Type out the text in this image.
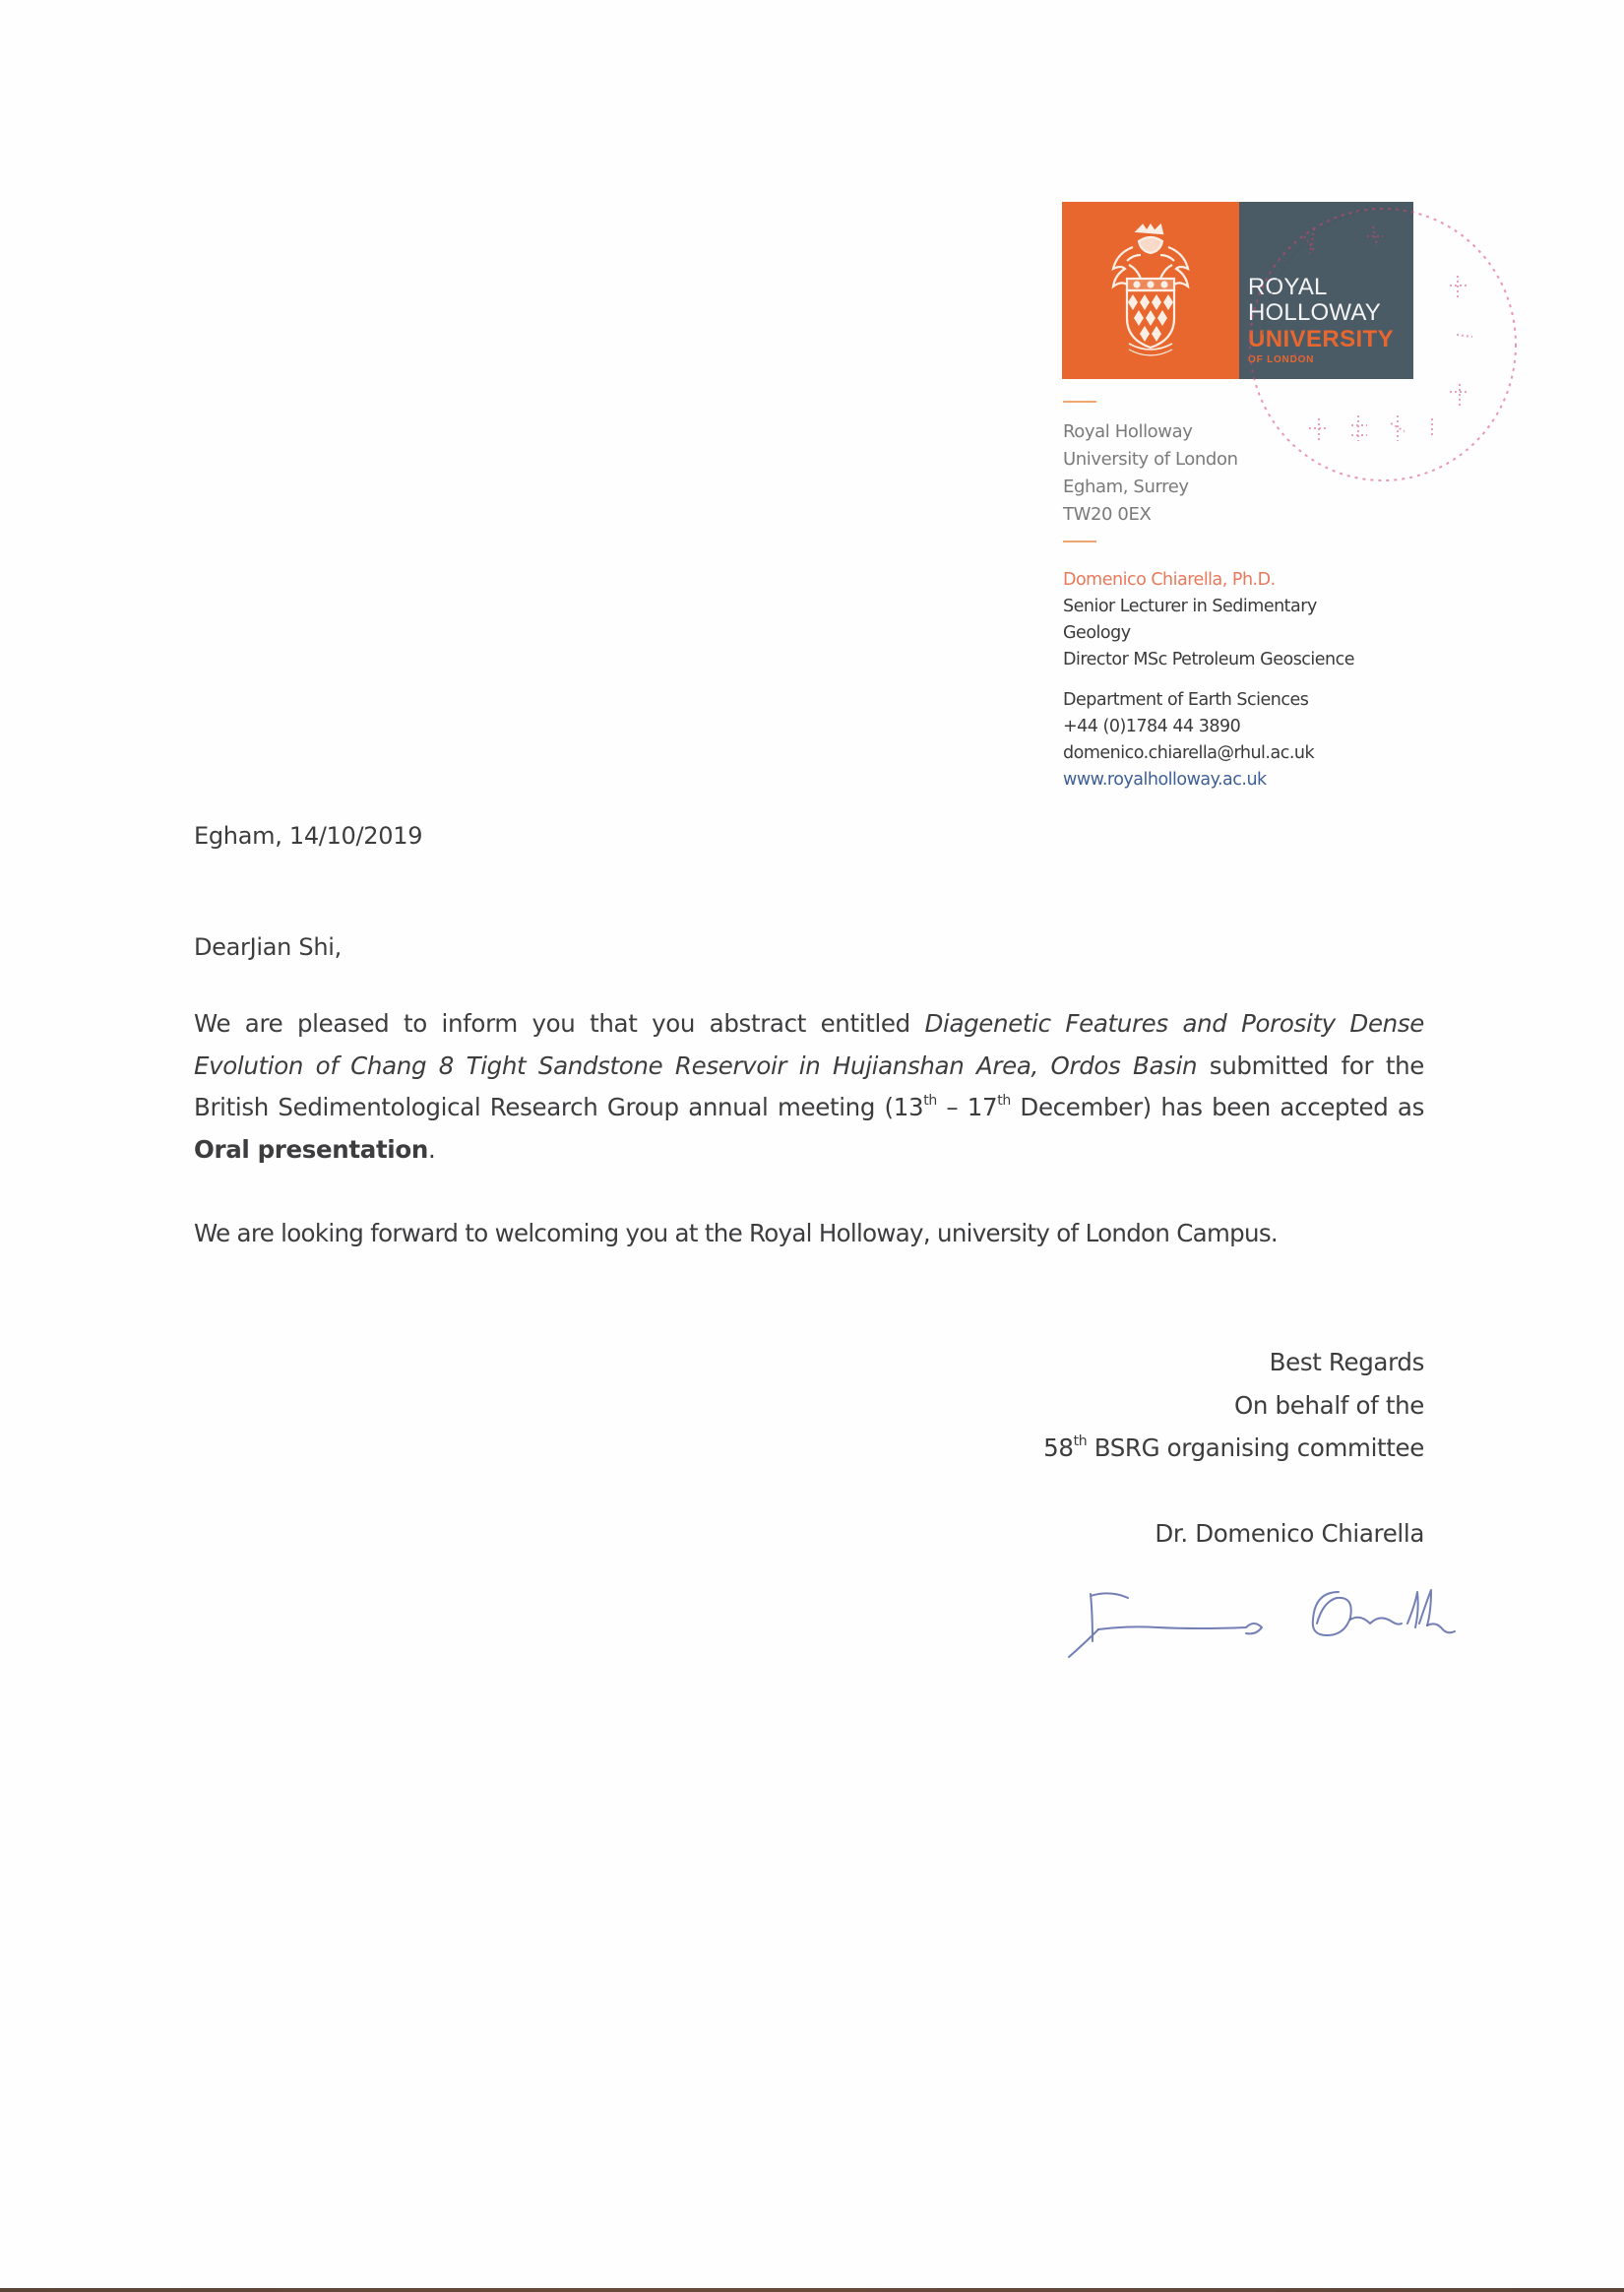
ROYAL
HOLLOWAY
UNIVERSITY
OF LONDON
Royal Holloway
University of London
Egham, Surrey
TW20 0EX
Domenico Chiarella, Ph.D.
Senior Lecturer in Sedimentary
Geology
Director MSc Petroleum Geoscience
Department of Earth Sciences
+44 (0)1784 44 3890
domenico.chiarella@rhul.ac.uk
www.royalholloway.ac.uk
Egham, 14/10/2019
DearJian Shi,
We are pleased to inform you that you abstract entitled Diagenetic Features and Porosity Dense Evolution of Chang 8 Tight Sandstone Reservoir in Hujianshan Area, Ordos Basin submitted for the British Sedimentological Research Group annual meeting (13th – 17th December) has been accepted as Oral presentation.
We are looking forward to welcoming you at the Royal Holloway, university of London Campus.
Best Regards
On behalf of the
58th BSRG organising committee
Dr. Domenico Chiarella
